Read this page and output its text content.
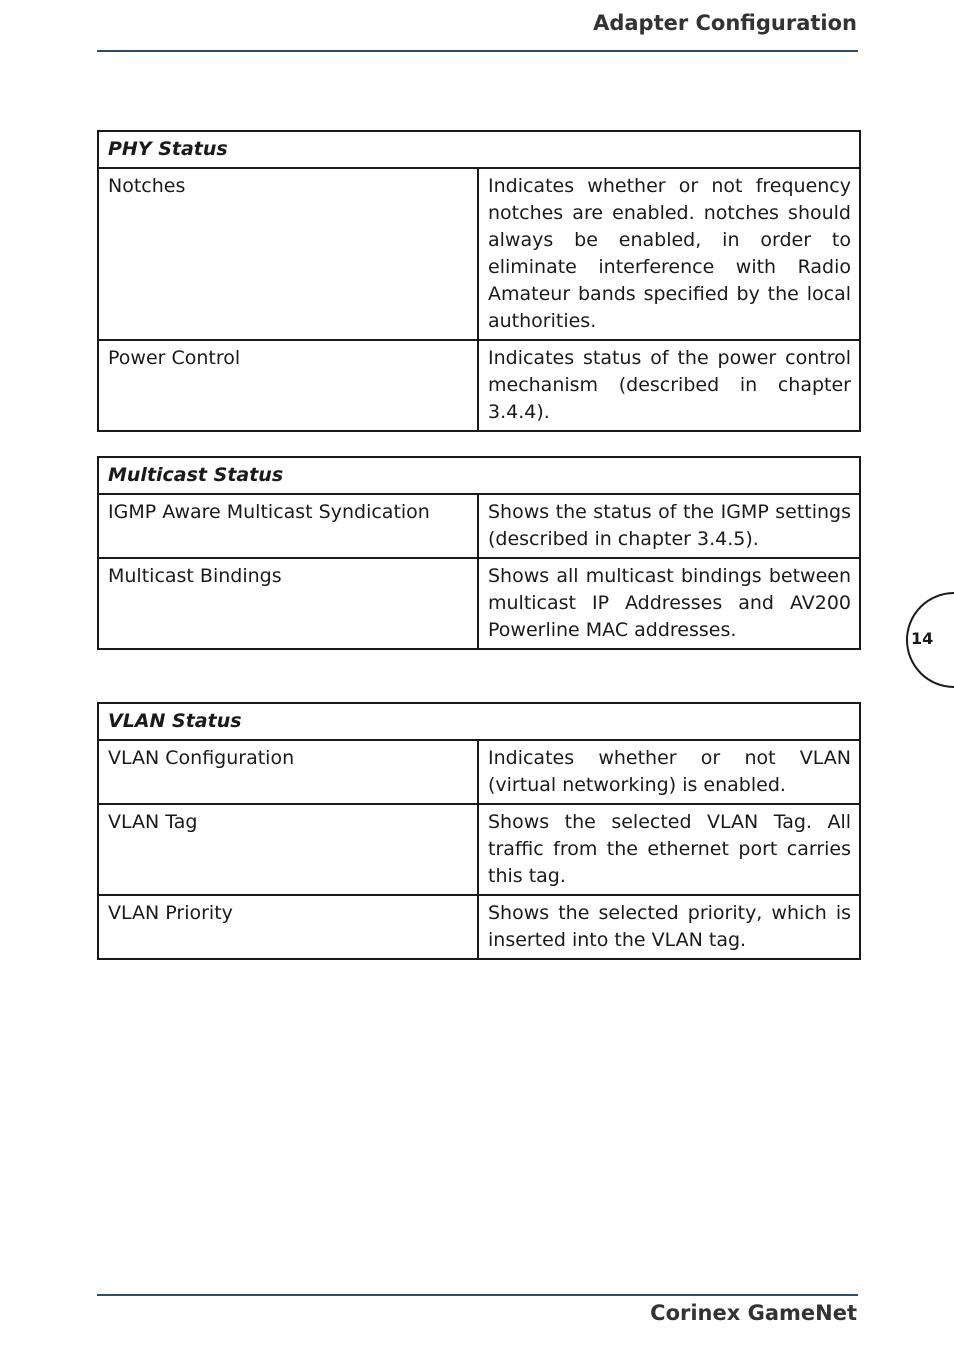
Adapter Configuration
PHY Status	
Notches	Indicates whether or not frequency notches are enabled. notches should always be enabled, in order to eliminate interference with Radio Amateur bands specified by the local authorities.
Power Control	Indicates status of the power control mechanism (described in chapter 3.4.4).
Multicast Status	
IGMP Aware Multicast Syndication	Shows the status of the IGMP settings (described in chapter 3.4.5).
Multicast Bindings	Shows all multicast bindings between multicast IP Addresses and AV200 Powerline MAC addresses.
VLAN Status	
VLAN Configuration	Indicates whether or not VLAN (virtual networking) is enabled.
VLAN Tag	Shows the selected VLAN Tag. All traffic from the ethernet port carries this tag.
VLAN Priority	Shows the selected priority, which is inserted into the VLAN tag.
14
Corinex GameNet
